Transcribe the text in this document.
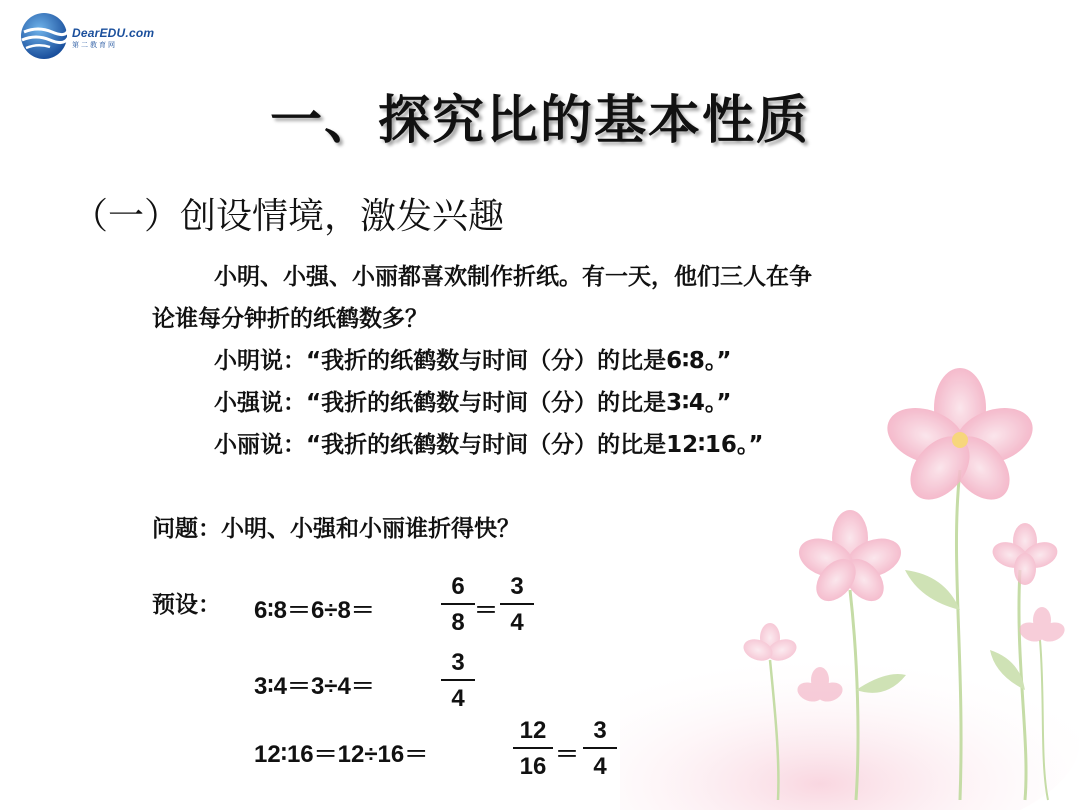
DearEDU.com
第二教育网
一、探究比的基本性质
（一）创设情境，激发兴趣
小明、小强、小丽都喜欢制作折纸。有一天，他们三人在争
论谁每分钟折的纸鹤数多？
小明说：“我折的纸鹤数与时间（分）的比是6∶8。”
小强说：“我折的纸鹤数与时间（分）的比是3∶4。”
小丽说：“我折的纸鹤数与时间（分）的比是12∶16。”
问题：小明、小强和小丽谁折得快？
预设： 6∶8＝6÷8＝
6
8 ＝
3
4
3∶4＝3÷4＝
3
4
12∶16＝12÷16＝
12
16 ＝
3
4
